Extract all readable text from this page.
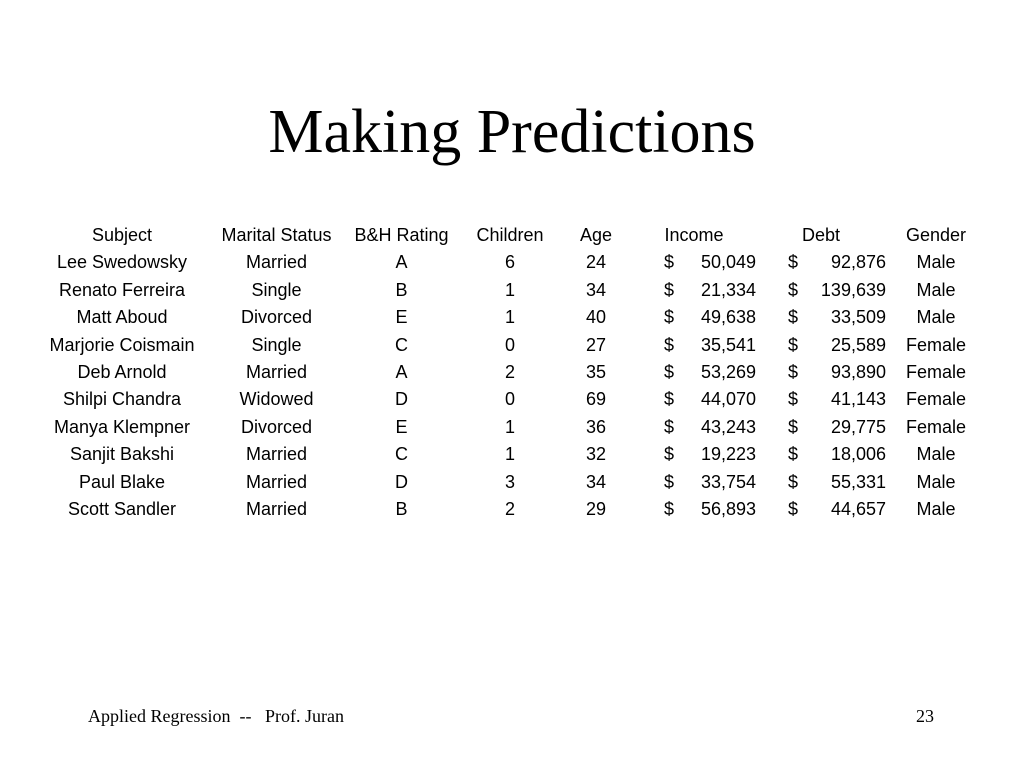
Making Predictions
Subject	Marital Status	B&H Rating	Children	Age	Income		Debt		Gender
Lee Swedowsky	Married	A	6	24	$	50,049	$	92,876	Male
Renato Ferreira	Single	B	1	34	$	21,334	$	139,639	Male
Matt Aboud	Divorced	E	1	40	$	49,638	$	33,509	Male
Marjorie Coismain	Single	C	0	27	$	35,541	$	25,589	Female
Deb Arnold	Married	A	2	35	$	53,269	$	93,890	Female
Shilpi Chandra	Widowed	D	0	69	$	44,070	$	41,143	Female
Manya Klempner	Divorced	E	1	36	$	43,243	$	29,775	Female
Sanjit Bakshi	Married	C	1	32	$	19,223	$	18,006	Male
Paul Blake	Married	D	3	34	$	33,754	$	55,331	Male
Scott Sandler	Married	B	2	29	$	56,893	$	44,657	Male
Applied Regression  --   Prof. Juran	23
